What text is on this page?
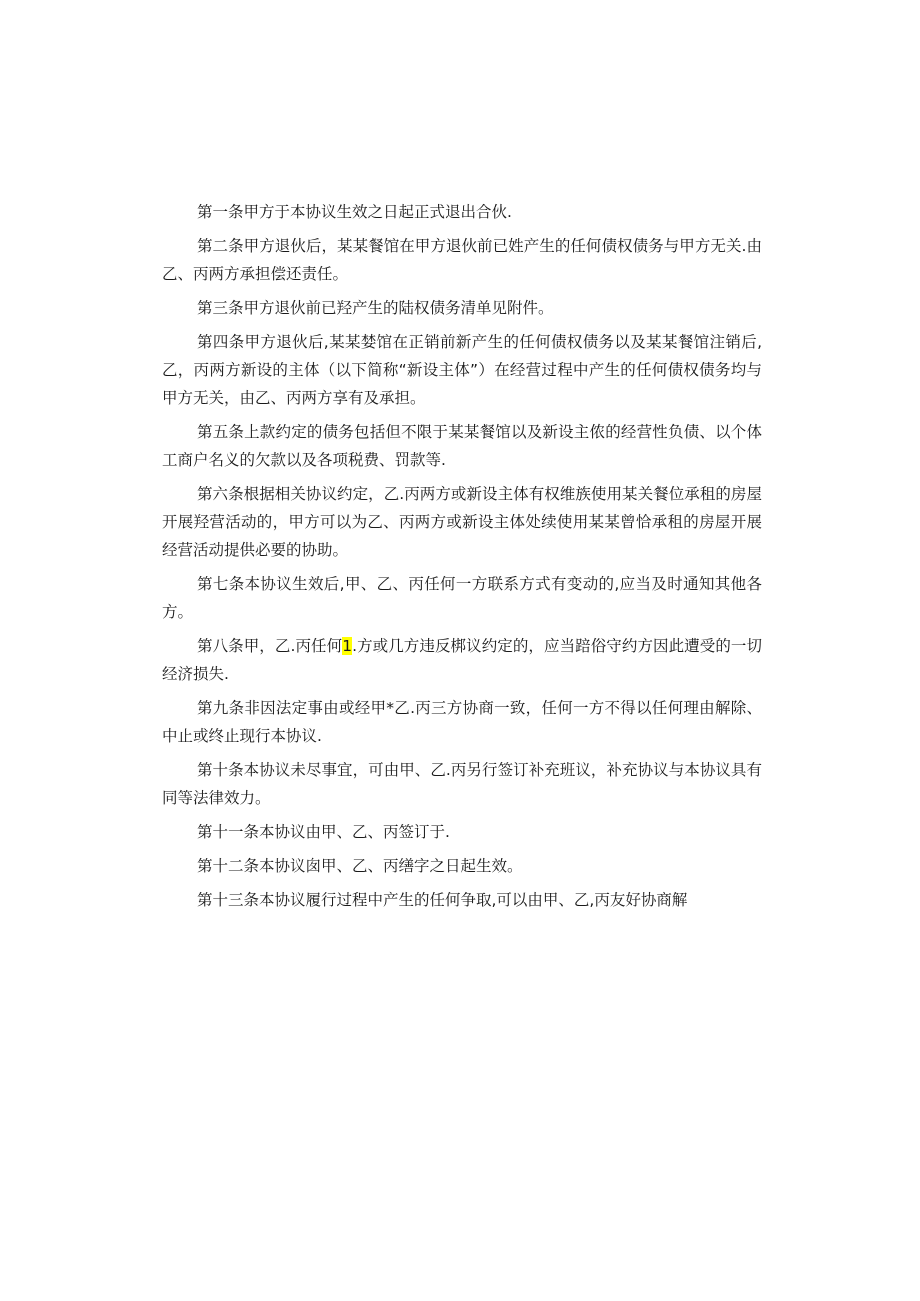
第一条甲方于本协议生效之日起正式退出合伙.

第二条甲方退伙后，某某餐馆在甲方退伙前已姓产生的任何债权债务与甲方无关.由乙、丙两方承担偿还责任。

第三条甲方退伙前已羟产生的陆权债务清单见附件。

第四条甲方退伙后,某某婪馆在正销前新产生的任何债权债务以及某某餐馆注销后,乙，丙两方新设的主体（以下简称“新设主体”）在经营过程中产生的任何债权债务均与甲方无关，由乙、丙两方享有及承担。

第五条上款约定的债务包括但不限于某某餐馆以及新设主侬的经营性负债、以个体工商户名义的欠款以及各项税费、罚款等.

第六条根据相关协议约定，乙.丙两方或新设主体有权维族使用某关餐位承租的房屋开展羟营活动的，甲方可以为乙、丙两方或新设主体处续使用某某曾恰承租的房屋开展经营活动提供必要的协助。

第七条本协议生效后,甲、乙、丙任何一方联系方式有变动的,应当及时通知其他各方。

第八条甲，乙.丙任何1.方或几方违反梆议约定的，应当踣俗守约方因此遭受的一切经济损失.

第九条非因法定事由或经甲*乙.丙三方协商一致，任何一方不得以任何理由解除、中止或终止现行本协议.

第十条本协议未尽事宜，可由甲、乙.丙另行签订补充班议，补充协议与本协议具有同等法律效力。

第十一条本协议由甲、乙、丙签订于.

第十二条本协议囱甲、乙、丙缮字之日起生效。

第十三条本协议履行过程中产生的任何争取,可以由甲、乙,丙友好协商解
